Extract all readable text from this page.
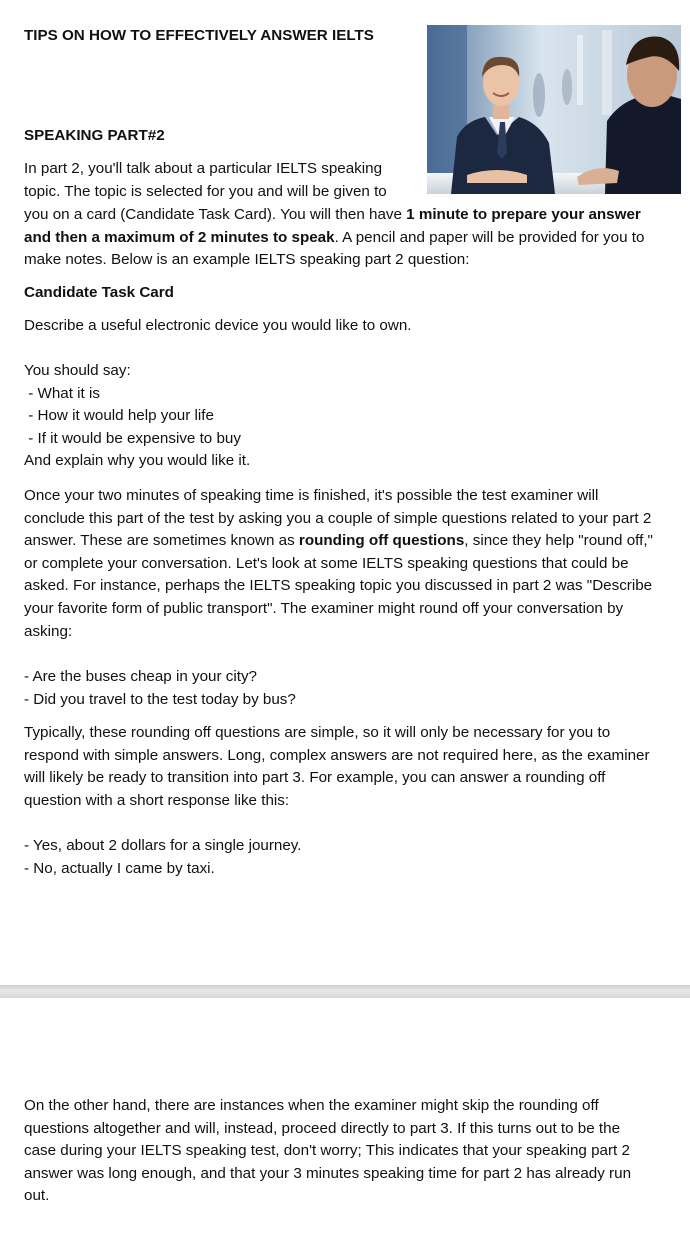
TIPS ON HOW TO EFFECTIVELY ANSWER IELTS
SPEAKING PART#2
In part 2, you'll talk about a particular IELTS speaking
topic. The topic is selected for you and will be given to

you on a card (Candidate Task Card). You will then have 1 minute to prepare your answer and then a maximum of 2 minutes to speak. A pencil and paper will be provided for you to make notes. Below is an example IELTS speaking part 2 question:

Candidate Task Card
Describe a useful electronic device you would like to own.
You should say:
- What it is
- How it would help your life
- If it would be expensive to buy
And explain why you would like it.

Once your two minutes of speaking time is finished, it's possible the test examiner will conclude this part of the test by asking you a couple of simple questions related to your part 2 answer. These are sometimes known as rounding off questions, since they help "round off," or complete your conversation. Let's look at some IELTS speaking questions that could be asked. For instance, perhaps the IELTS speaking topic you discussed in part 2 was "Describe your favorite form of public transport". The examiner might round off your conversation by asking:

- Are the buses cheap in your city?
- Did you travel to the test today by bus?

Typically, these rounding off questions are simple, so it will only be necessary for you to respond with simple answers. Long, complex answers are not required here, as the examiner will likely be ready to transition into part 3. For example, you can answer a rounding off question with a short response like this:

- Yes, about 2 dollars for a single journey.
- No, actually I came by taxi.

On the other hand, there are instances when the examiner might skip the rounding off questions altogether and will, instead, proceed directly to part 3. If this turns out to be the case during your IELTS speaking test, don't worry; This indicates that your speaking part 2 answer was long enough, and that your 3 minutes speaking time for part 2 has already run out.
